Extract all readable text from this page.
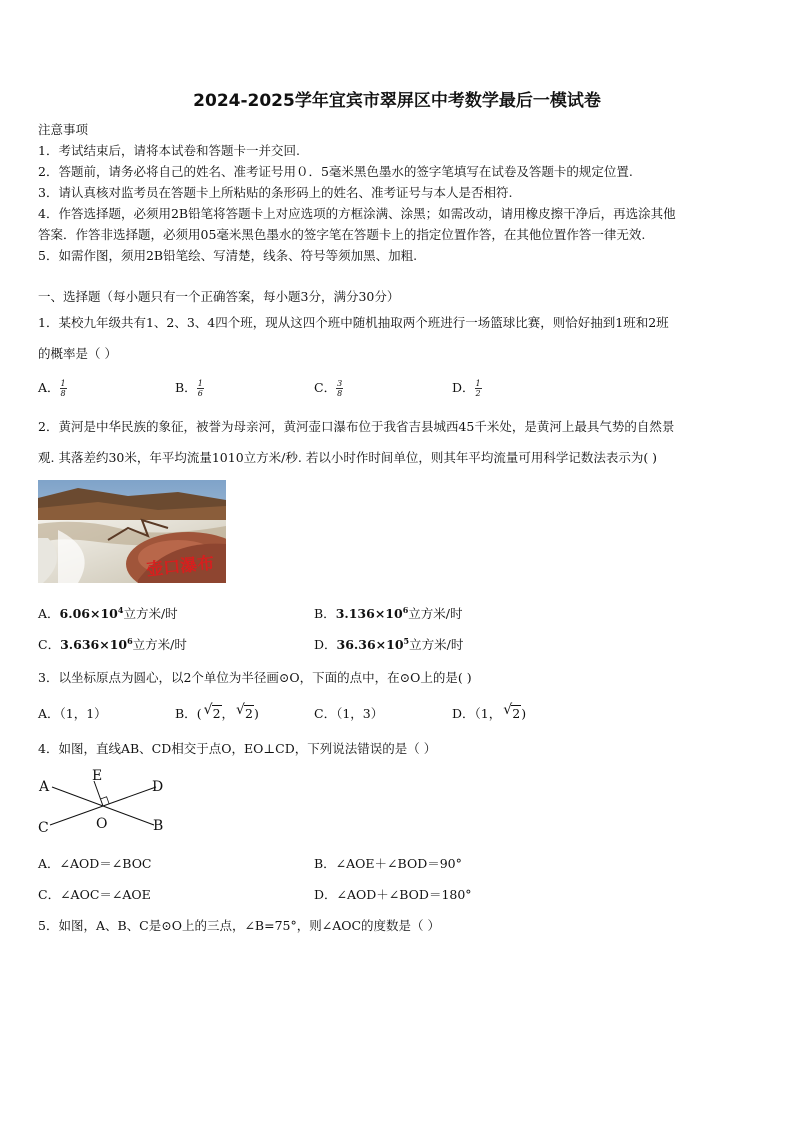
2024-2025学年宜宾市翠屏区中考数学最后一模试卷
注意事项
1．考试结束后，请将本试卷和答题卡一并交回.
2．答题前，请务必将自己的姓名、准考证号用０．5毫米黑色墨水的签字笔填写在试卷及答题卡的规定位置.
3．请认真核对监考员在答题卡上所粘贴的条形码上的姓名、准考证号与本人是否相符.
4．作答选择题，必须用2B铅笔将答题卡上对应选项的方框涂满、涂黑；如需改动，请用橡皮擦干净后，再选涂其他
答案．作答非选择题，必须用05毫米黑色墨水的签字笔在答题卡上的指定位置作答，在其他位置作答一律无效.
5．如需作图，须用2B铅笔绘、写清楚，线条、符号等须加黑、加粗.
一、选择题（每小题只有一个正确答案，每小题3分，满分30分）
1．某校九年级共有1、2、3、4四个班，现从这四个班中随机抽取两个班进行一场篮球比赛，则恰好抽到1班和2班
的概率是（ ）
A． $\frac{1}{8}$	B． $\frac{1}{6}$	C． $\frac{3}{8}$	D． $\frac{1}{2}$
2．黄河是中华民族的象征，被誉为母亲河，黄河壶口瀑布位于我省吉县城西45千米处，是黄河上最具气势的自然景
观. 其落差约30米，年平均流量1010立方米/秒. 若以小时作时间单位，则其年平均流量可用科学记数法表示为( )
壶口瀑布
A．$6.06\times 10^4$立方米/时	B．$3.136\times 10^6$立方米/时
C．$3.636\times 10^6$立方米/时	D．$36.36\times 10^5$立方米/时
3．以坐标原点为圆心，以2个单位为半径画⊙O，下面的点中，在⊙O上的是( )
A．（1，1）	B．( √ 2， √ 2)	C．（1，3）	D．（1， √ 2)
4．如图，直线AB、CD相交于点O，EO⊥CD，下列说法错误的是（ ）
A	D
E
C	O	B
A．∠AOD＝∠BOC	B．∠AOE＋∠BOD＝90°
C．∠AOC＝∠AOE	D．∠AOD＋∠BOD＝180°
5．如图，A、B、C是⊙O上的三点，∠B=75°，则∠AOC的度数是（ ）
